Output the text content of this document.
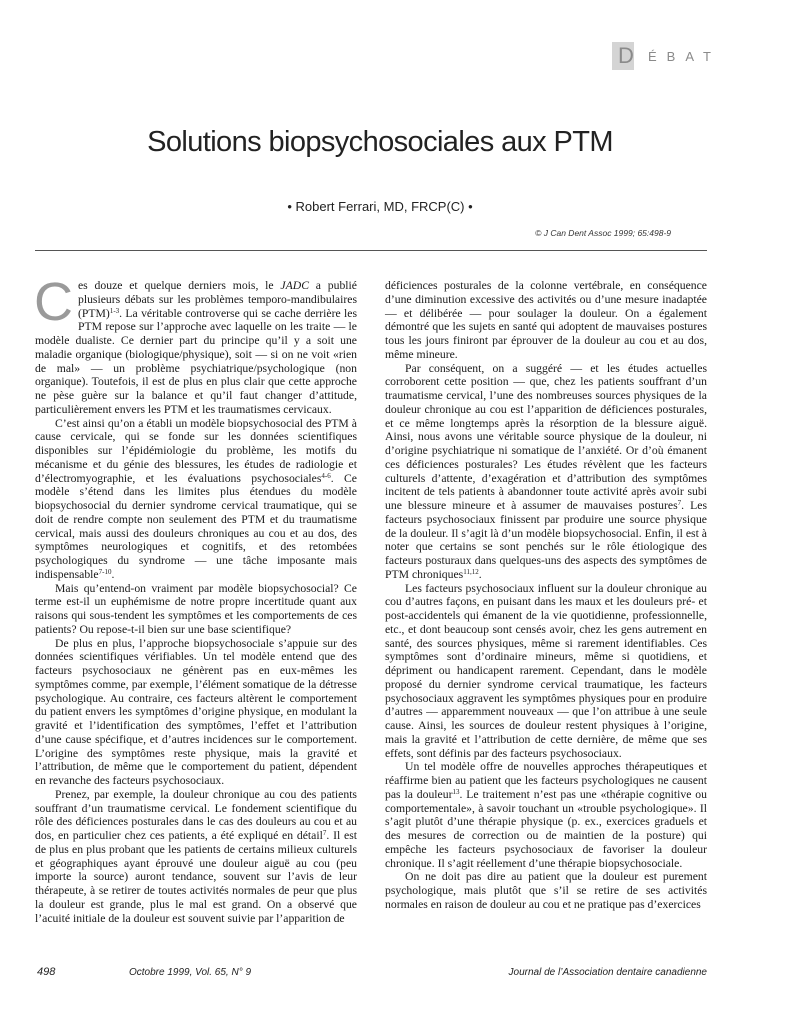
D ÉBAT
Solutions biopsychosociales aux PTM
• Robert Ferrari, MD, FRCP(C) •
© J Can Dent Assoc 1999; 65:498-9

Ces douze et quelque derniers mois, le JADC a publié plusieurs débats sur les problèmes temporo-mandibulaires (PTM)$^{1-3}$. La véritable controverse qui se cache derrière les PTM repose sur l’approche avec laquelle on les traite — le modèle dualiste. Ce dernier part du principe qu’il y a soit une maladie organique (biologique/physique), soit — si on ne voit «rien de mal» — un problème psychiatrique/psychologique (non organique). Toutefois, il est de plus en plus clair que cette approche ne pèse guère sur la balance et qu’il faut changer d’attitude, particulièrement envers les PTM et les traumatismes cervicaux.

C’est ainsi qu’on a établi un modèle biopsychosocial des PTM à cause cervicale, qui se fonde sur les données scientifiques disponibles sur l’épidémiologie du problème, les motifs du mécanisme et du génie des blessures, les études de radiologie et d’électromyographie, et les évaluations psychosociales$^{4-6}$. Ce modèle s’étend dans les limites plus étendues du modèle biopsychosocial du dernier syndrome cervical traumatique, qui se doit de rendre compte non seulement des PTM et du traumatisme cervical, mais aussi des douleurs chroniques au cou et au dos, des symptômes neurologiques et cognitifs, et des retombées psychologiques du syndrome — une tâche imposante mais indispensable$^{7-10}$.

Mais qu’entend-on vraiment par modèle biopsychosocial? Ce terme est-il un euphémisme de notre propre incertitude quant aux raisons qui sous-tendent les symptômes et les comportements de ces patients? Ou repose-t-il bien sur une base scientifique?

De plus en plus, l’approche biopsychosociale s’appuie sur des données scientifiques vérifiables. Un tel modèle entend que des facteurs psychosociaux ne génèrent pas en eux-mêmes les symptômes comme, par exemple, l’élément somatique de la détresse psychologique. Au contraire, ces facteurs altèrent le comportement du patient envers les symptômes d’origine physique, en modulant la gravité et l’identification des symptômes, l’effet et l’attribution d’une cause spécifique, et d’autres incidences sur le comportement. L’origine des symptômes reste physique, mais la gravité et l’attribution, de même que le comportement du patient, dépendent en revanche des facteurs psychosociaux.

Prenez, par exemple, la douleur chronique au cou des patients souffrant d’un traumatisme cervical. Le fondement scientifique du rôle des déficiences posturales dans le cas des douleurs au cou et au dos, en particulier chez ces patients, a été expliqué en détail$^7$. Il est de plus en plus probant que les patients de certains milieux culturels et géographiques ayant éprouvé une douleur aiguë au cou (peu importe la source) auront tendance, souvent sur l’avis de leur thérapeute, à se retirer de toutes activités normales de peur que plus la douleur est grande, plus le mal est grand. On a observé que l’acuité initiale de la douleur est souvent suivie par l’apparition de

déficiences posturales de la colonne vertébrale, en conséquence d’une diminution excessive des activités ou d’une mesure inadaptée — et délibérée — pour soulager la douleur. On a également démontré que les sujets en santé qui adoptent de mauvaises postures tous les jours finiront par éprouver de la douleur au cou et au dos, même mineure.

Par conséquent, on a suggéré — et les études actuelles corroborent cette position — que, chez les patients souffrant d’un traumatisme cervical, l’une des nombreuses sources physiques de la douleur chronique au cou est l’apparition de déficiences posturales, et ce même longtemps après la résorption de la blessure aiguë. Ainsi, nous avons une véritable source physique de la douleur, ni d’origine psychiatrique ni somatique de l’anxiété. Or d’où émanent ces déficiences posturales? Les études révèlent que les facteurs culturels d’attente, d’exagération et d’attribution des symptômes incitent de tels patients à abandonner toute activité après avoir subi une blessure mineure et à assumer de mauvaises postures$^7$. Les facteurs psychosociaux finissent par produire une source physique de la douleur. Il s’agit là d’un modèle biopsychosocial. Enfin, il est à noter que certains se sont penchés sur le rôle étiologique des facteurs posturaux dans quelques-uns des aspects des symptômes de PTM chroniques$^{11,12}$.

Les facteurs psychosociaux influent sur la douleur chronique au cou d’autres façons, en puisant dans les maux et les douleurs pré- et post-accidentels qui émanent de la vie quotidienne, professionnelle, etc., et dont beaucoup sont censés avoir, chez les gens autrement en santé, des sources physiques, même si rarement identifiables. Ces symptômes sont d’ordinaire mineurs, même si quotidiens, et dépriment ou handicapent rarement. Cependant, dans le modèle proposé du dernier syndrome cervical traumatique, les facteurs psychosociaux aggravent les symptômes physiques pour en produire d’autres — apparemment nouveaux — que l’on attribue à une seule cause. Ainsi, les sources de douleur restent physiques à l’origine, mais la gravité et l’attribution de cette dernière, de même que ses effets, sont définis par des facteurs psychosociaux.

Un tel modèle offre de nouvelles approches thérapeutiques et réaffirme bien au patient que les facteurs psychologiques ne causent pas la douleur$^{13}$. Le traitement n’est pas une «thérapie cognitive ou comportementale», à savoir touchant un «trouble psychologique». Il s’agit plutôt d’une thérapie physique (p. ex., exercices graduels et des mesures de correction ou de maintien de la posture) qui empêche les facteurs psychosociaux de favoriser la douleur chronique. Il s’agit réellement d’une thérapie biopsychosociale.

On ne doit pas dire au patient que la douleur est purement psychologique, mais plutôt que s’il se retire de ses activités normales en raison de douleur au cou et ne pratique pas d’exercices

498	Octobre 1999, Vol. 65, N° 9	Journal de l’Association dentaire canadienne
